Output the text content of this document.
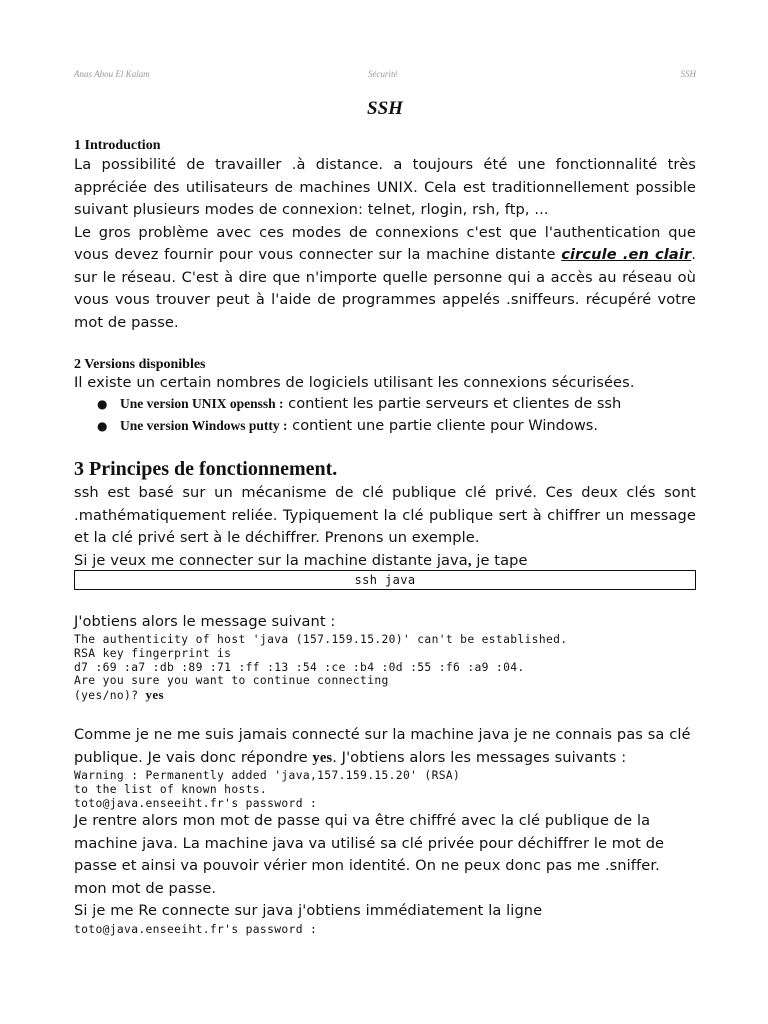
Anas Abou El Kalam	Sécurité	SSH
SSH

1 Introduction

La possibilité de travailler .à distance. a toujours été une fonctionnalité très appréciée des utilisateurs de machines UNIX. Cela est traditionnellement possible suivant plusieurs modes de connexion: telnet, rlogin, rsh, ftp, ...

Le gros problème avec ces modes de connexions c'est que l'authentication que vous devez fournir pour vous connecter sur la machine distante circule .en clair. sur le réseau. C'est à dire que n'importe quelle personne qui a accès au réseau où vous vous trouver peut à l'aide de programmes appelés .sniffeurs. récupéré votre mot de passe.

2 Versions disponibles

Il existe un certain nombres de logiciels utilisant les connexions sécurisées.

● Une version UNIX openssh : contient les partie serveurs et clientes de ssh
● Une version Windows putty : contient une partie cliente pour Windows.

3 Principes de fonctionnement.

ssh est basé sur un mécanisme de clé publique clé privé. Ces deux clés sont .mathématiquement reliée. Typiquement la clé publique sert à chiffrer un message et la clé privé sert à le déchiffrer. Prenons un exemple.

Si je veux me connecter sur la machine distante java, je tape

ssh java

J'obtiens alors le message suivant :

The authenticity of host 'java (157.159.15.20)' can't be established.

RSA key fingerprint is

d7 :69 :a7 :db :89 :71 :ff :13 :54 :ce :b4 :0d :55 :f6 :a9 :04.

Are you sure you want to continue connecting

(yes/no)? yes

Comme je ne me suis jamais connecté sur la machine java je ne connais pas sa clé publique. Je vais donc répondre yes. J'obtiens alors les messages suivants :

Warning : Permanently added 'java,157.159.15.20' (RSA)

to the list of known hosts.

toto@java.enseeiht.fr's password :

Je rentre alors mon mot de passe qui va être chiffré avec la clé publique de la machine java. La machine java va utilisé sa clé privée pour déchiffrer le mot de passe et ainsi va pouvoir vérier mon identité. On ne peux donc pas me .sniffer. mon mot de passe.

Si je me Re connecte sur java j'obtiens immédiatement la ligne

toto@java.enseeiht.fr's password :
